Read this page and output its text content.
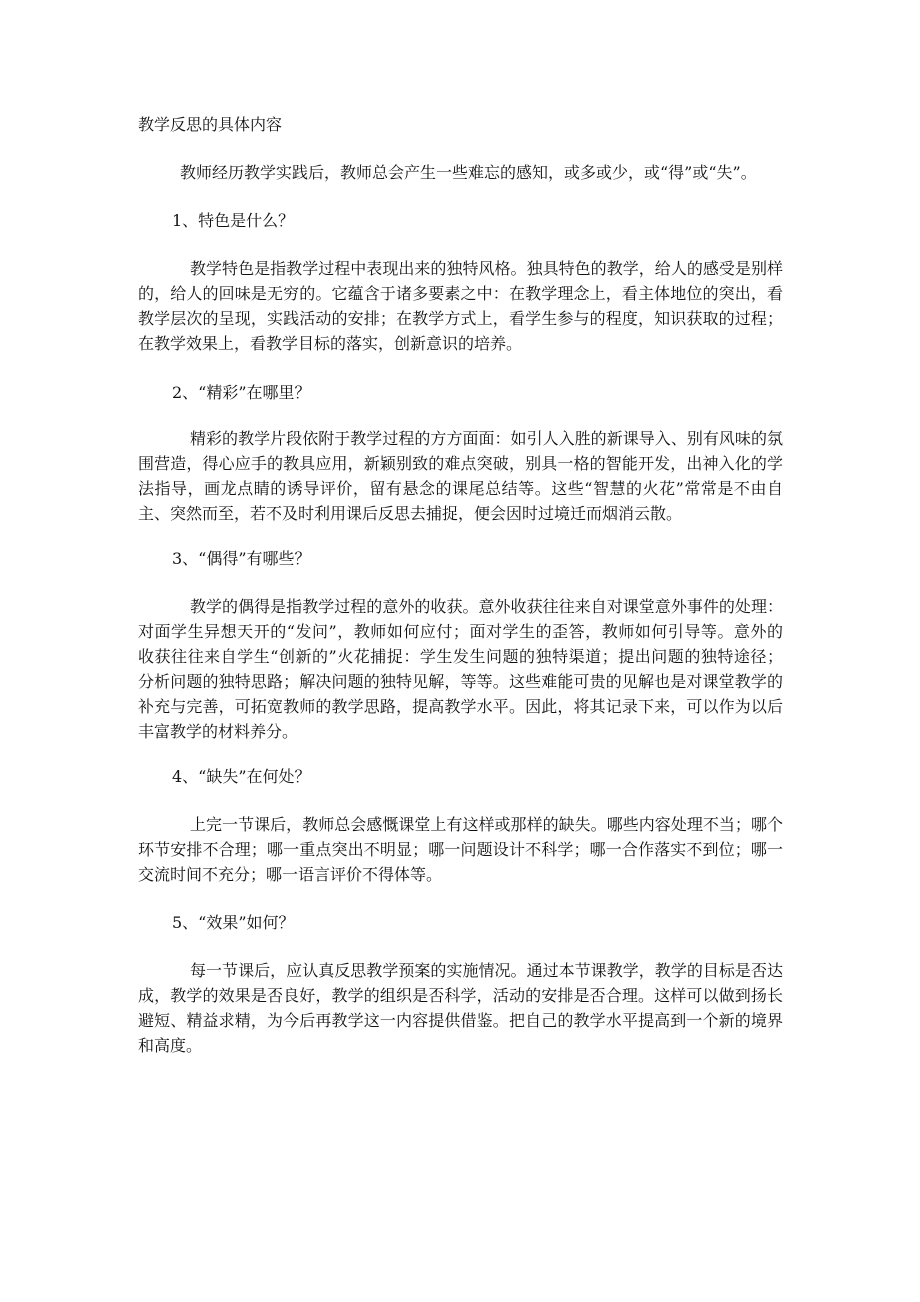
教学反思的具体内容
教师经历教学实践后，教师总会产生一些难忘的感知，或多或少，或“得”或“失”。
1、特色是什么？
教学特色是指教学过程中表现出来的独特风格。独具特色的教学，给人的感受是别样
的，给人的回味是无穷的。它蕴含于诸多要素之中：在教学理念上，看主体地位的突出，看
教学层次的呈现，实践活动的安排；在教学方式上，看学生参与的程度，知识获取的过程；
在教学效果上，看教学目标的落实，创新意识的培养。
2、“精彩”在哪里？
精彩的教学片段依附于教学过程的方方面面：如引人入胜的新课导入、别有风味的氛
围营造，得心应手的教具应用，新颖别致的难点突破，别具一格的智能开发，出神入化的学
法指导，画龙点睛的诱导评价，留有悬念的课尾总结等。这些“智慧的火花”常常是不由自
主、突然而至，若不及时利用课后反思去捕捉，便会因时过境迁而烟消云散。
3、“偶得”有哪些？
教学的偶得是指教学过程的意外的收获。意外收获往往来自对课堂意外事件的处理：
对面学生异想天开的“发问”，教师如何应付；面对学生的歪答，教师如何引导等。意外的
收获往往来自学生“创新的”火花捕捉：学生发生问题的独特渠道；提出问题的独特途径；
分析问题的独特思路；解决问题的独特见解，等等。这些难能可贵的见解也是对课堂教学的
补充与完善，可拓宽教师的教学思路，提高教学水平。因此，将其记录下来，可以作为以后
丰富教学的材料养分。
4、“缺失”在何处？
上完一节课后，教师总会感慨课堂上有这样或那样的缺失。哪些内容处理不当；哪个
环节安排不合理；哪一重点突出不明显；哪一问题设计不科学；哪一合作落实不到位；哪一
交流时间不充分；哪一语言评价不得体等。
5、“效果”如何？
每一节课后，应认真反思教学预案的实施情况。通过本节课教学，教学的目标是否达
成，教学的效果是否良好，教学的组织是否科学，活动的安排是否合理。这样可以做到扬长
避短、精益求精，为今后再教学这一内容提供借鉴。把自己的教学水平提高到一个新的境界
和高度。
